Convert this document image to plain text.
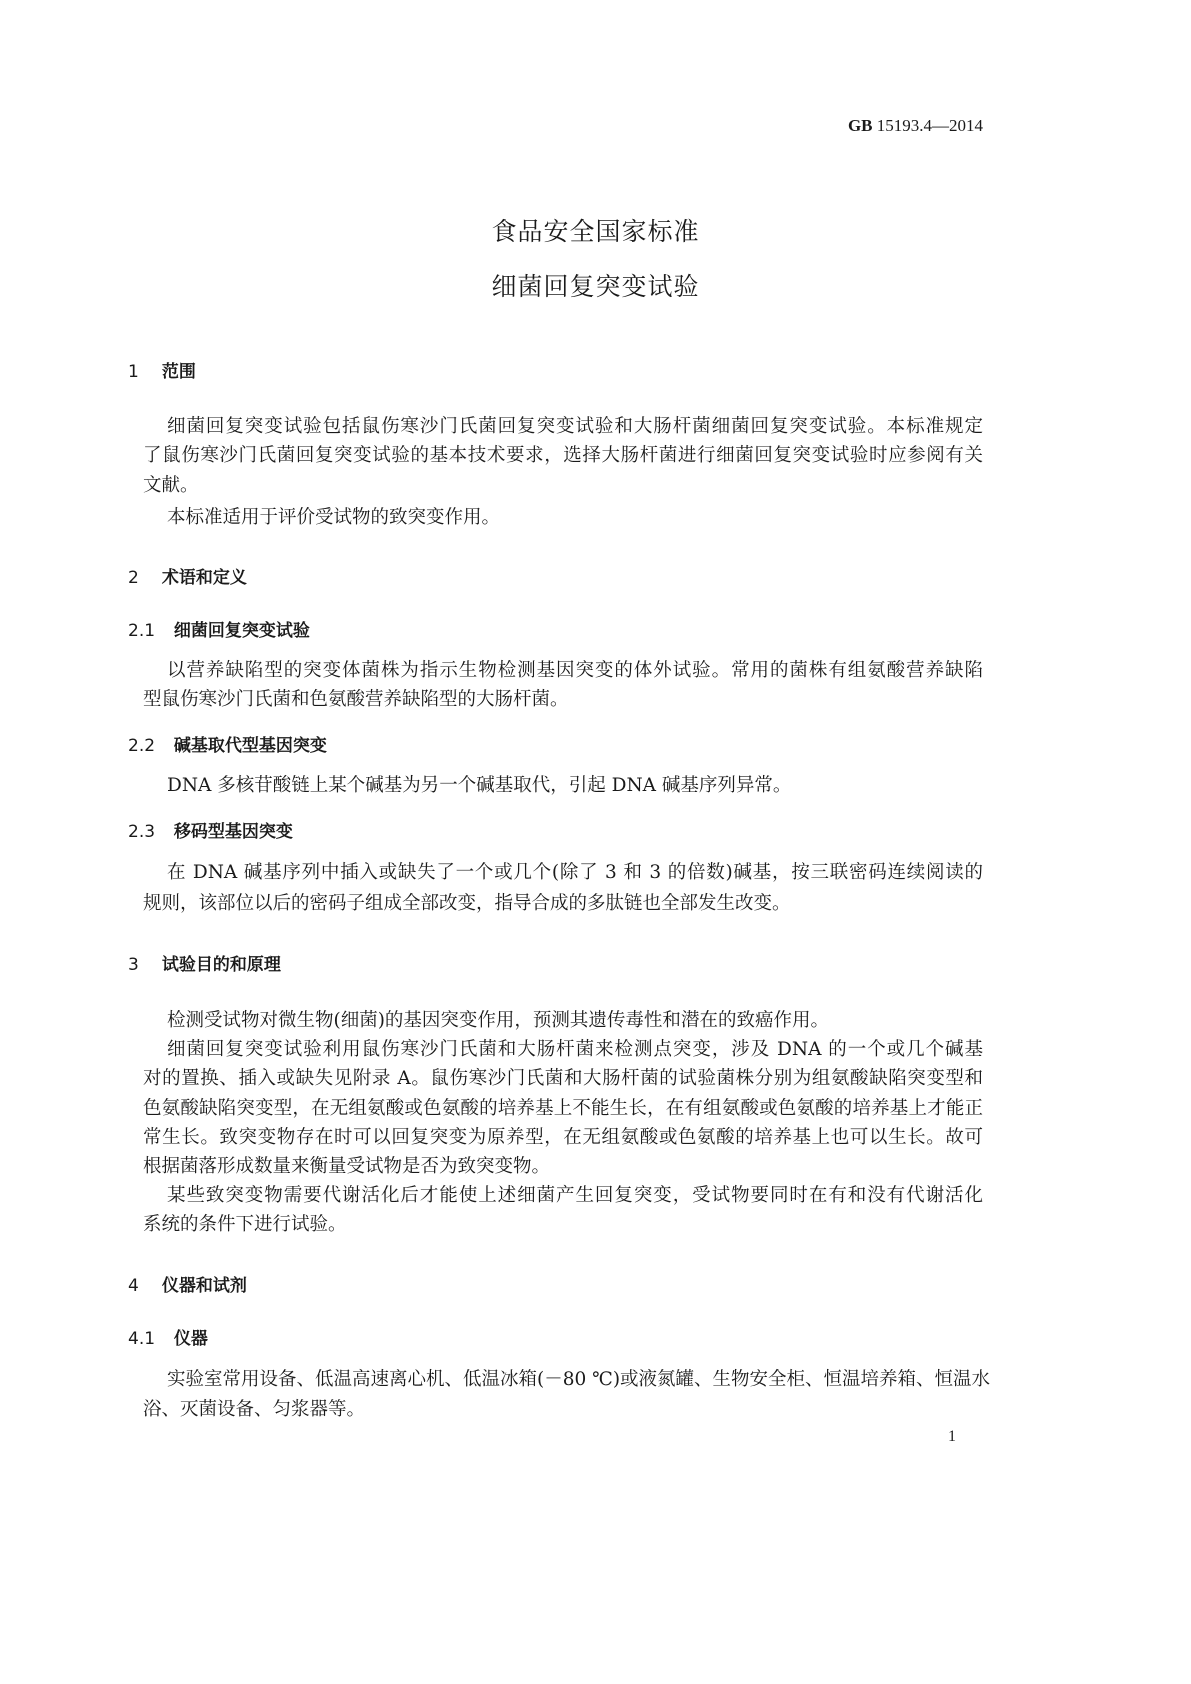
GB 15193.4—2014
食品安全国家标准
细菌回复突变试验
1 范围
细菌回复突变试验包括鼠伤寒沙门氏菌回复突变试验和大肠杆菌细菌回复突变试验。本标准规定
了鼠伤寒沙门氏菌回复突变试验的基本技术要求，选择大肠杆菌进行细菌回复突变试验时应参阅有关
文献。
本标准适用于评价受试物的致突变作用。
2 术语和定义
2.1 细菌回复突变试验
以营养缺陷型的突变体菌株为指示生物检测基因突变的体外试验。常用的菌株有组氨酸营养缺陷
型鼠伤寒沙门氏菌和色氨酸营养缺陷型的大肠杆菌。
2.2 碱基取代型基因突变
DNA 多核苷酸链上某个碱基为另一个碱基取代，引起 DNA 碱基序列异常。
2.3 移码型基因突变
在 DNA 碱基序列中插入或缺失了一个或几个(除了 3 和 3 的倍数)碱基，按三联密码连续阅读的
规则，该部位以后的密码子组成全部改变，指导合成的多肽链也全部发生改变。
3 试验目的和原理
检测受试物对微生物(细菌)的基因突变作用，预测其遗传毒性和潜在的致癌作用。
细菌回复突变试验利用鼠伤寒沙门氏菌和大肠杆菌来检测点突变，涉及 DNA 的一个或几个碱基
对的置换、插入或缺失见附录 A。鼠伤寒沙门氏菌和大肠杆菌的试验菌株分别为组氨酸缺陷突变型和
色氨酸缺陷突变型，在无组氨酸或色氨酸的培养基上不能生长，在有组氨酸或色氨酸的培养基上才能正
常生长。致突变物存在时可以回复突变为原养型，在无组氨酸或色氨酸的培养基上也可以生长。故可
根据菌落形成数量来衡量受试物是否为致突变物。
某些致突变物需要代谢活化后才能使上述细菌产生回复突变，受试物要同时在有和没有代谢活化
系统的条件下进行试验。
4 仪器和试剂
4.1 仪器
实验室常用设备、低温高速离心机、低温冰箱(－80 ℃)或液氮罐、生物安全柜、恒温培养箱、恒温水
浴、灭菌设备、匀浆器等。
1
